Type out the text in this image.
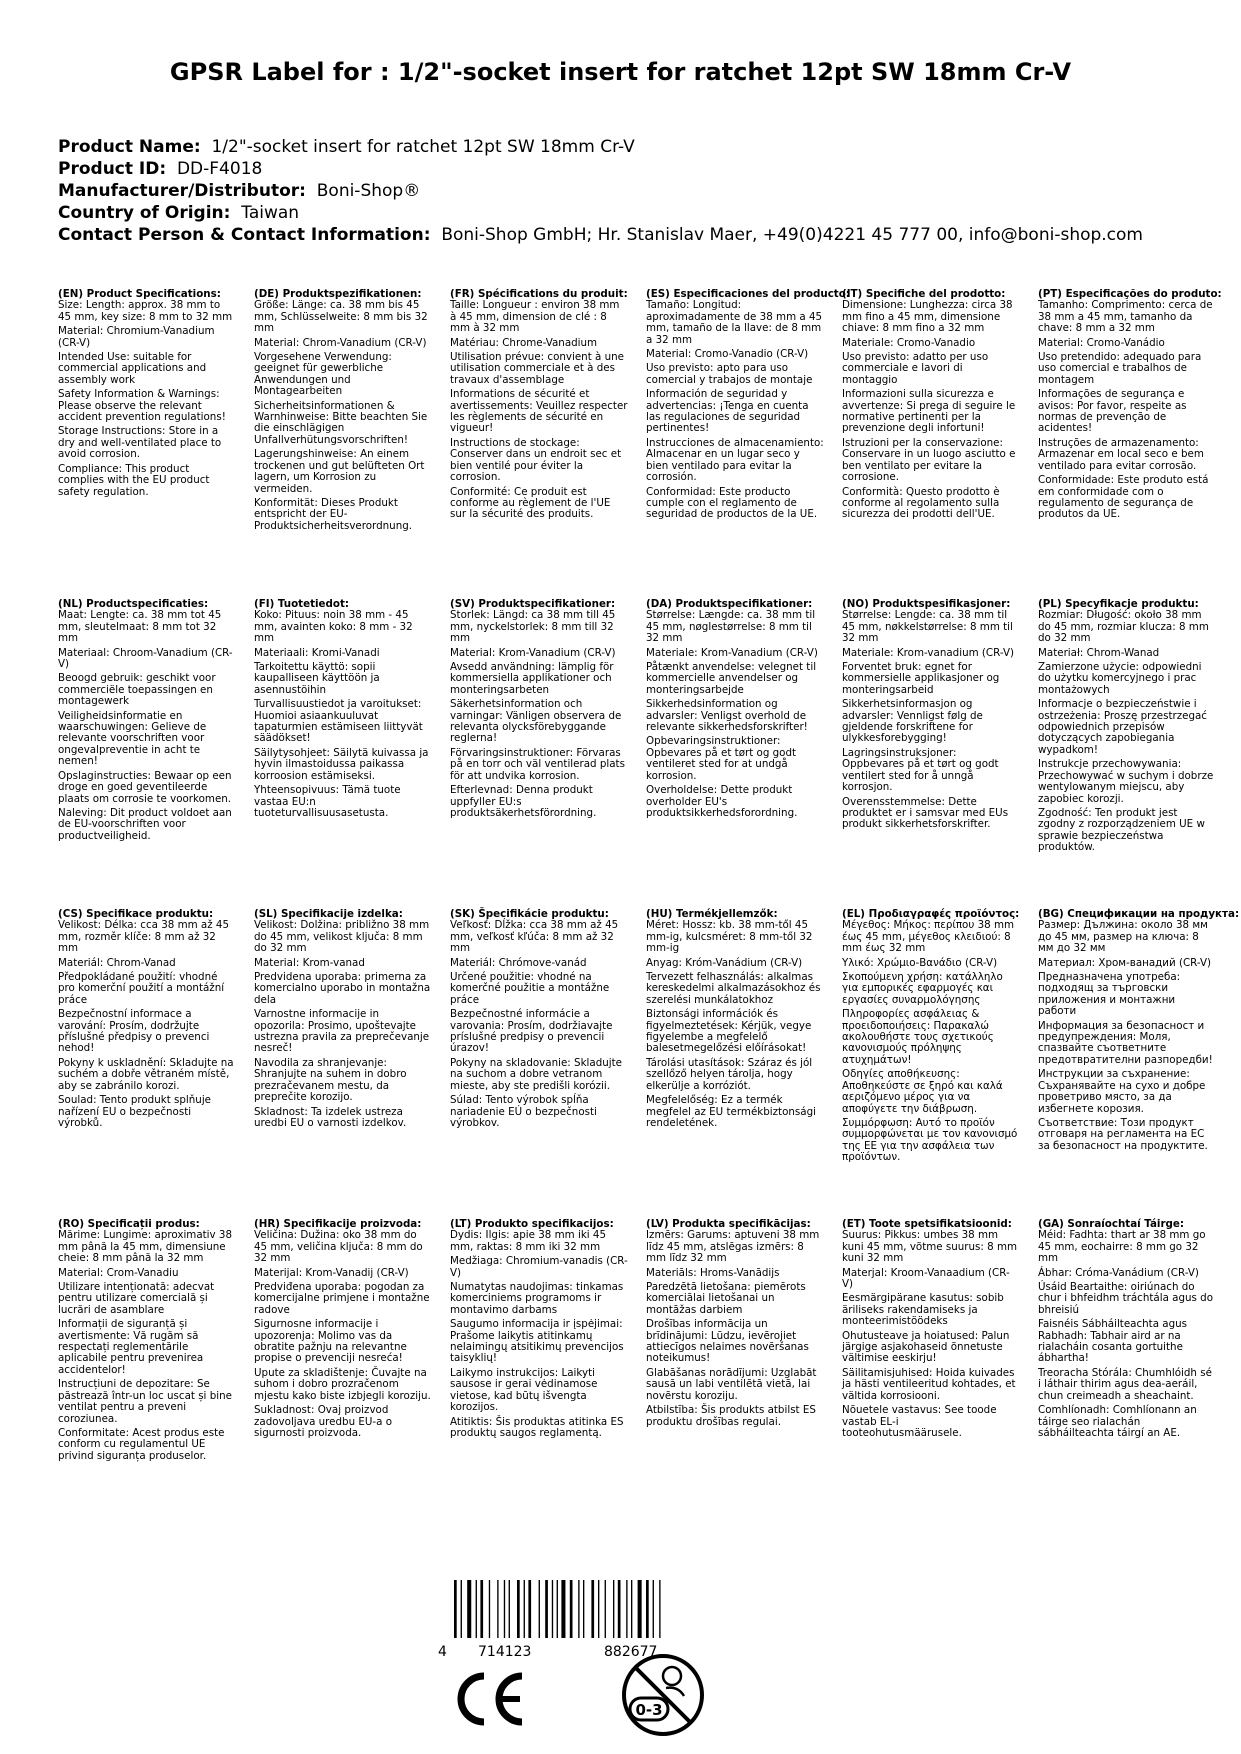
GPSR Label for : 1/2"-socket insert for ratchet 12pt SW 18mm Cr-V
Product Name: 1/2"-socket insert for ratchet 12pt SW 18mm Cr-V
Product ID: DD-F4018
Manufacturer/Distributor: Boni-Shop®
Country of Origin: Taiwan
Contact Person & Contact Information: Boni-Shop GmbH; Hr. Stanislav Maer, +49(0)4221 45 777 00, info@boni-shop.com
(EN) Product Specifications:
Size: Length: approx. 38 mm to 45 mm, key size: 8 mm to 32 mm
Material: Chromium-Vanadium (CR-V)
Intended Use: suitable for commercial applications and assembly work
Safety Information & Warnings: Please observe the relevant accident prevention regulations!
Storage Instructions: Store in a dry and well-ventilated place to avoid corrosion.
Compliance: This product complies with the EU product safety regulation.
(DE) Produktspezifikationen:
Größe: Länge: ca. 38 mm bis 45 mm, Schlüsselweite: 8 mm bis 32 mm
Material: Chrom-Vanadium (CR-V)
Vorgesehene Verwendung: geeignet für gewerbliche Anwendungen und Montagearbeiten
Sicherheitsinformationen & Warnhinweise: Bitte beachten Sie die einschlägigen Unfallverhütungsvorschriften!
Lagerungshinweise: An einem trockenen und gut belüfteten Ort lagern, um Korrosion zu vermeiden.
Konformität: Dieses Produkt entspricht der EU-Produktsicherheitsverordnung.
(FR) Spécifications du produit:
Taille: Longueur : environ 38 mm à 45 mm, dimension de clé : 8 mm à 32 mm
Matériau: Chrome-Vanadium
Utilisation prévue: convient à une utilisation commerciale et à des travaux d'assemblage
Informations de sécurité et avertissements: Veuillez respecter les règlements de sécurité en vigueur!
Instructions de stockage: Conserver dans un endroit sec et bien ventilé pour éviter la corrosion.
Conformité: Ce produit est conforme au règlement de l'UE sur la sécurité des produits.
(ES) Especificaciones del producto:
Tamaño: Longitud: aproximadamente de 38 mm a 45 mm, tamaño de la llave: de 8 mm a 32 mm
Material: Cromo-Vanadio (CR-V)
Uso previsto: apto para uso comercial y trabajos de montaje
Información de seguridad y advertencias: ¡Tenga en cuenta las regulaciones de seguridad pertinentes!
Instrucciones de almacenamiento: Almacenar en un lugar seco y bien ventilado para evitar la corrosión.
Conformidad: Este producto cumple con el reglamento de seguridad de productos de la UE.
(IT) Specifiche del prodotto:
Dimensione: Lunghezza: circa 38 mm fino a 45 mm, dimensione chiave: 8 mm fino a 32 mm
Materiale: Cromo-Vanadio
Uso previsto: adatto per uso commerciale e lavori di montaggio
Informazioni sulla sicurezza e avvertenze: Si prega di seguire le normative pertinenti per la prevenzione degli infortuni!
Istruzioni per la conservazione: Conservare in un luogo asciutto e ben ventilato per evitare la corrosione.
Conformità: Questo prodotto è conforme al regolamento sulla sicurezza dei prodotti dell'UE.
(PT) Especificações do produto:
Tamanho: Comprimento: cerca de 38 mm a 45 mm, tamanho da chave: 8 mm a 32 mm
Material: Cromo-Vanádio
Uso pretendido: adequado para uso comercial e trabalhos de montagem
Informações de segurança e avisos: Por favor, respeite as normas de prevenção de acidentes!
Instruções de armazenamento: Armazenar em local seco e bem ventilado para evitar corrosão.
Conformidade: Este produto está em conformidade com o regulamento de segurança de produtos da UE.
(NL) Productspecificaties:
Maat: Lengte: ca. 38 mm tot 45 mm, sleutelmaat: 8 mm tot 32 mm
Materiaal: Chroom-Vanadium (CR-V)
Beoogd gebruik: geschikt voor commerciële toepassingen en montagewerk
Veiligheidsinformatie en waarschuwingen: Gelieve de relevante voorschriften voor ongevalpreventie in acht te nemen!
Opslaginstructies: Bewaar op een droge en goed geventileerde plaats om corrosie te voorkomen.
Naleving: Dit product voldoet aan de EU-voorschriften voor productveiligheid.
(FI) Tuotetiedot:
Koko: Pituus: noin 38 mm - 45 mm, avainten koko: 8 mm - 32 mm
Materiaali: Kromi-Vanadi
Tarkoitettu käyttö: sopii kaupalliseen käyttöön ja asennustöihin
Turvallisuustiedot ja varoitukset: Huomioi asiaankuuluvat tapaturmien estämiseen liittyvät säädökset!
Säilytysohjeet: Säilytä kuivassa ja hyvin ilmastoidussa paikassa korroosion estämiseksi.
Yhteensopivuus: Tämä tuote vastaa EU:n tuoteturvallisuusasetusta.
(SV) Produktspecifikationer:
Storlek: Längd: ca 38 mm till 45 mm, nyckelstorlek: 8 mm till 32 mm
Material: Krom-Vanadium (CR-V)
Avsedd användning: lämplig för kommersiella applikationer och monteringsarbeten
Säkerhetsinformation och varningar: Vänligen observera de relevanta olycksförebyggande reglerna!
Förvaringsinstruktioner: Förvaras på en torr och väl ventilerad plats för att undvika korrosion.
Efterlevnad: Denna produkt uppfyller EU:s produktsäkerhetsförordning.
(DA) Produktspecifikationer:
Størrelse: Længde: ca. 38 mm til 45 mm, nøglestørrelse: 8 mm til 32 mm
Materiale: Krom-Vanadium (CR-V)
Påtænkt anvendelse: velegnet til kommercielle anvendelser og monteringsarbejde
Sikkerhedsinformation og advarsler: Venligst overhold de relevante sikkerhedsforskrifter!
Opbevaringsinstruktioner: Opbevares på et tørt og godt ventileret sted for at undgå korrosion.
Overholdelse: Dette produkt overholder EU's produktsikkerhedsforordning.
(NO) Produktspesifikasjoner:
Størrelse: Lengde: ca. 38 mm til 45 mm, nøkkelstørrelse: 8 mm til 32 mm
Materiale: Krom-vanadium (CR-V)
Forventet bruk: egnet for kommersielle applikasjoner og monteringsarbeid
Sikkerhetsinformasjon og advarsler: Vennligst følg de gjeldende forskriftene for ulykkesforebygging!
Lagringsinstruksjoner: Oppbevares på et tørt og godt ventilert sted for å unngå korrosjon.
Overensstemmelse: Dette produktet er i samsvar med EUs produkt sikkerhetsforskrifter.
(PL) Specyfikacje produktu:
Rozmiar: Długość: około 38 mm do 45 mm, rozmiar klucza: 8 mm do 32 mm
Materiał: Chrom-Wanad
Zamierzone użycie: odpowiedni do użytku komercyjnego i prac montażowych
Informacje o bezpieczeństwie i ostrzeżenia: Proszę przestrzegać odpowiednich przepisów dotyczących zapobiegania wypadkom!
Instrukcje przechowywania: Przechowywać w suchym i dobrze wentylowanym miejscu, aby zapobiec korozji.
Zgodność: Ten produkt jest zgodny z rozporządzeniem UE w sprawie bezpieczeństwa produktów.
(CS) Specifikace produktu:
Velikost: Délka: cca 38 mm až 45 mm, rozměr klíče: 8 mm až 32 mm
Materiál: Chrom-Vanad
Předpokládané použití: vhodné pro komerční použití a montážní práce
Bezpečnostní informace a varování: Prosím, dodržujte příslušné předpisy o prevenci nehod!
Pokyny k uskladnění: Skladujte na suchém a dobře větraném místě, aby se zabránilo korozi.
Soulad: Tento produkt splňuje nařízení EU o bezpečnosti výrobků.
(SL) Specifikacije izdelka:
Velikost: Dolžina: približno 38 mm do 45 mm, velikost ključa: 8 mm do 32 mm
Material: Krom-vanad
Predvidena uporaba: primerna za komercialno uporabo in montažna dela
Varnostne informacije in opozorila: Prosimo, upoštevajte ustrezna pravila za preprečevanje nesreč!
Navodila za shranjevanje: Shranjujte na suhem in dobro prezračevanem mestu, da preprečite korozijo.
Skladnost: Ta izdelek ustreza uredbi EU o varnosti izdelkov.
(SK) Špecifikácie produktu:
Veľkosť: Dĺžka: cca 38 mm až 45 mm, veľkosť kľúča: 8 mm až 32 mm
Materiál: Chrómove-vanád
Určené použitie: vhodné na komerčné použitie a montážne práce
Bezpečnostné informácie a varovania: Prosím, dodržiavajte príslušné predpisy o prevencii úrazov!
Pokyny na skladovanie: Skladujte na suchom a dobre vetranom mieste, aby ste predišli korózii.
Súlad: Tento výrobok spĺňa nariadenie EÚ o bezpečnosti výrobkov.
(HU) Termékjellemzők:
Méret: Hossz: kb. 38 mm-től 45 mm-ig, kulcsméret: 8 mm-től 32 mm-ig
Anyag: Króm-Vanádium (CR-V)
Tervezett felhasználás: alkalmas kereskedelmi alkalmazásokhoz és szerelési munkálatokhoz
Biztonsági információk és figyelmeztetések: Kérjük, vegye figyelembe a megfelelő balesetmegelőzési előírásokat!
Tárolási utasítások: Száraz és jól szellőző helyen tárolja, hogy elkerülje a korróziót.
Megfelelőség: Ez a termék megfelel az EU termékbiztonsági rendeletének.
(EL) Προδιαγραφές προϊόντος:
Μέγεθος: Μήκος: περίπου 38 mm έως 45 mm, μέγεθος κλειδιού: 8 mm έως 32 mm
Υλικό: Χρώμιο-Βανάδιο (CR-V)
Σκοπούμενη χρήση: κατάλληλο για εμπορικές εφαρμογές και εργασίες συναρμολόγησης
Πληροφορίες ασφάλειας & προειδοποιήσεις: Παρακαλώ ακολουθήστε τους σχετικούς κανονισμούς πρόληψης ατυχημάτων!
Οδηγίες αποθήκευσης: Αποθηκεύστε σε ξηρό και καλά αεριζόμενο μέρος για να αποφύγετε την διάβρωση.
Συμμόρφωση: Αυτό το προϊόν συμμορφώνεται με τον κανονισμό της ΕΕ για την ασφάλεια των προϊόντων.
(BG) Спецификации на продукта:
Размер: Дължина: около 38 мм до 45 мм, размер на ключа: 8 мм до 32 мм
Материал: Хром-ванадий (CR-V)
Предназначена употреба: подходящ за търговски приложения и монтажни работи
Информация за безопасност и предупреждения: Моля, спазвайте съответните предотвратителни разпоредби!
Инструкции за съхранение: Съхранявайте на сухо и добре проветриво място, за да избегнете корозия.
Съответствие: Този продукт отговаря на регламента на ЕС за безопасност на продуктите.
(RO) Specificații produs:
Mărime: Lungime: aproximativ 38 mm până la 45 mm, dimensiune cheie: 8 mm până la 32 mm
Material: Crom-Vanadiu
Utilizare intenționată: adecvat pentru utilizare comercială și lucrări de asamblare
Informații de siguranță și avertismente: Vă rugăm să respectați reglementările aplicabile pentru prevenirea accidentelor!
Instrucțiuni de depozitare: Se păstrează într-un loc uscat și bine ventilat pentru a preveni coroziunea.
Conformitate: Acest produs este conform cu regulamentul UE privind siguranța produselor.
(HR) Specifikacije proizvoda:
Veličina: Dužina: oko 38 mm do 45 mm, veličina ključa: 8 mm do 32 mm
Materijal: Krom-Vanadij (CR-V)
Predviđena uporaba: pogodan za komercijalne primjene i montažne radove
Sigurnosne informacije i upozorenja: Molimo vas da obratite pažnju na relevantne propise o prevenciji nesreća!
Upute za skladištenje: Čuvajte na suhom i dobro prozračenom mjestu kako biste izbjegli koroziju.
Sukladnost: Ovaj proizvod zadovoljava uredbu EU-a o sigurnosti proizvoda.
(LT) Produkto specifikacijos:
Dydis: Ilgis: apie 38 mm iki 45 mm, raktas: 8 mm iki 32 mm
Medžiaga: Chromium-vanadis (CR-V)
Numatytas naudojimas: tinkamas komerciniems programoms ir montavimo darbams
Saugumo informacija ir įspėjimai: Prašome laikytis atitinkamų nelaimingų atsitikimų prevencijos taisyklių!
Laikymo instrukcijos: Laikyti sausose ir gerai vėdinamose vietose, kad būtų išvengta korozijos.
Atitiktis: Šis produktas atitinka ES produktų saugos reglamentą.
(LV) Produkta specifikācijas:
Izmērs: Garums: aptuveni 38 mm līdz 45 mm, atslēgas izmērs: 8 mm līdz 32 mm
Materiāls: Hroms-Vanādijs
Paredzētā lietošana: piemērots komerciālai lietošanai un montāžas darbiem
Drošības informācija un brīdinājumi: Lūdzu, ievērojiet attiecīgos nelaimes novēršanas noteikumus!
Glabāšanas norādījumi: Uzglabāt sausā un labi ventilētā vietā, lai novērstu koroziju.
Atbilstība: Šis produkts atbilst ES produktu drošības regulai.
(ET) Toote spetsifikatsioonid:
Suurus: Pikkus: umbes 38 mm kuni 45 mm, võtme suurus: 8 mm kuni 32 mm
Materjal: Kroom-Vanaadium (CR-V)
Eesmärgipärane kasutus: sobib äriliseks rakendamiseks ja monteerimistöödeks
Ohutusteave ja hoiatused: Palun järgige asjakohaseid õnnetuste vältimise eeskirju!
Säilitamisjuhised: Hoida kuivades ja hästi ventileeritud kohtades, et vältida korrosiooni.
Nõuetele vastavus: See toode vastab EL-i tooteohutusmäärusele.
(GA) Sonraíochtaí Táirge:
Méid: Fadhta: thart ar 38 mm go 45 mm, eochairre: 8 mm go 32 mm
Ábhar: Cróma-Vanádium (CR-V)
Úsáid Beartaithe: oiriúnach do chur i bhfeidhm tráchtála agus do bhreisiú
Faisnéis Sábháilteachta agus Rabhadh: Tabhair aird ar na rialacháin cosanta gortuithe ábhartha!
Treoracha Stórála: Chumhlóidh sé i láthair thirim agus dea-aeráil, chun creimeadh a sheachaint.
Comhlíonadh: Comhlíonann an táirge seo rialachán sábháilteachta táirgí an AE.
4 714123	882677
0-3
